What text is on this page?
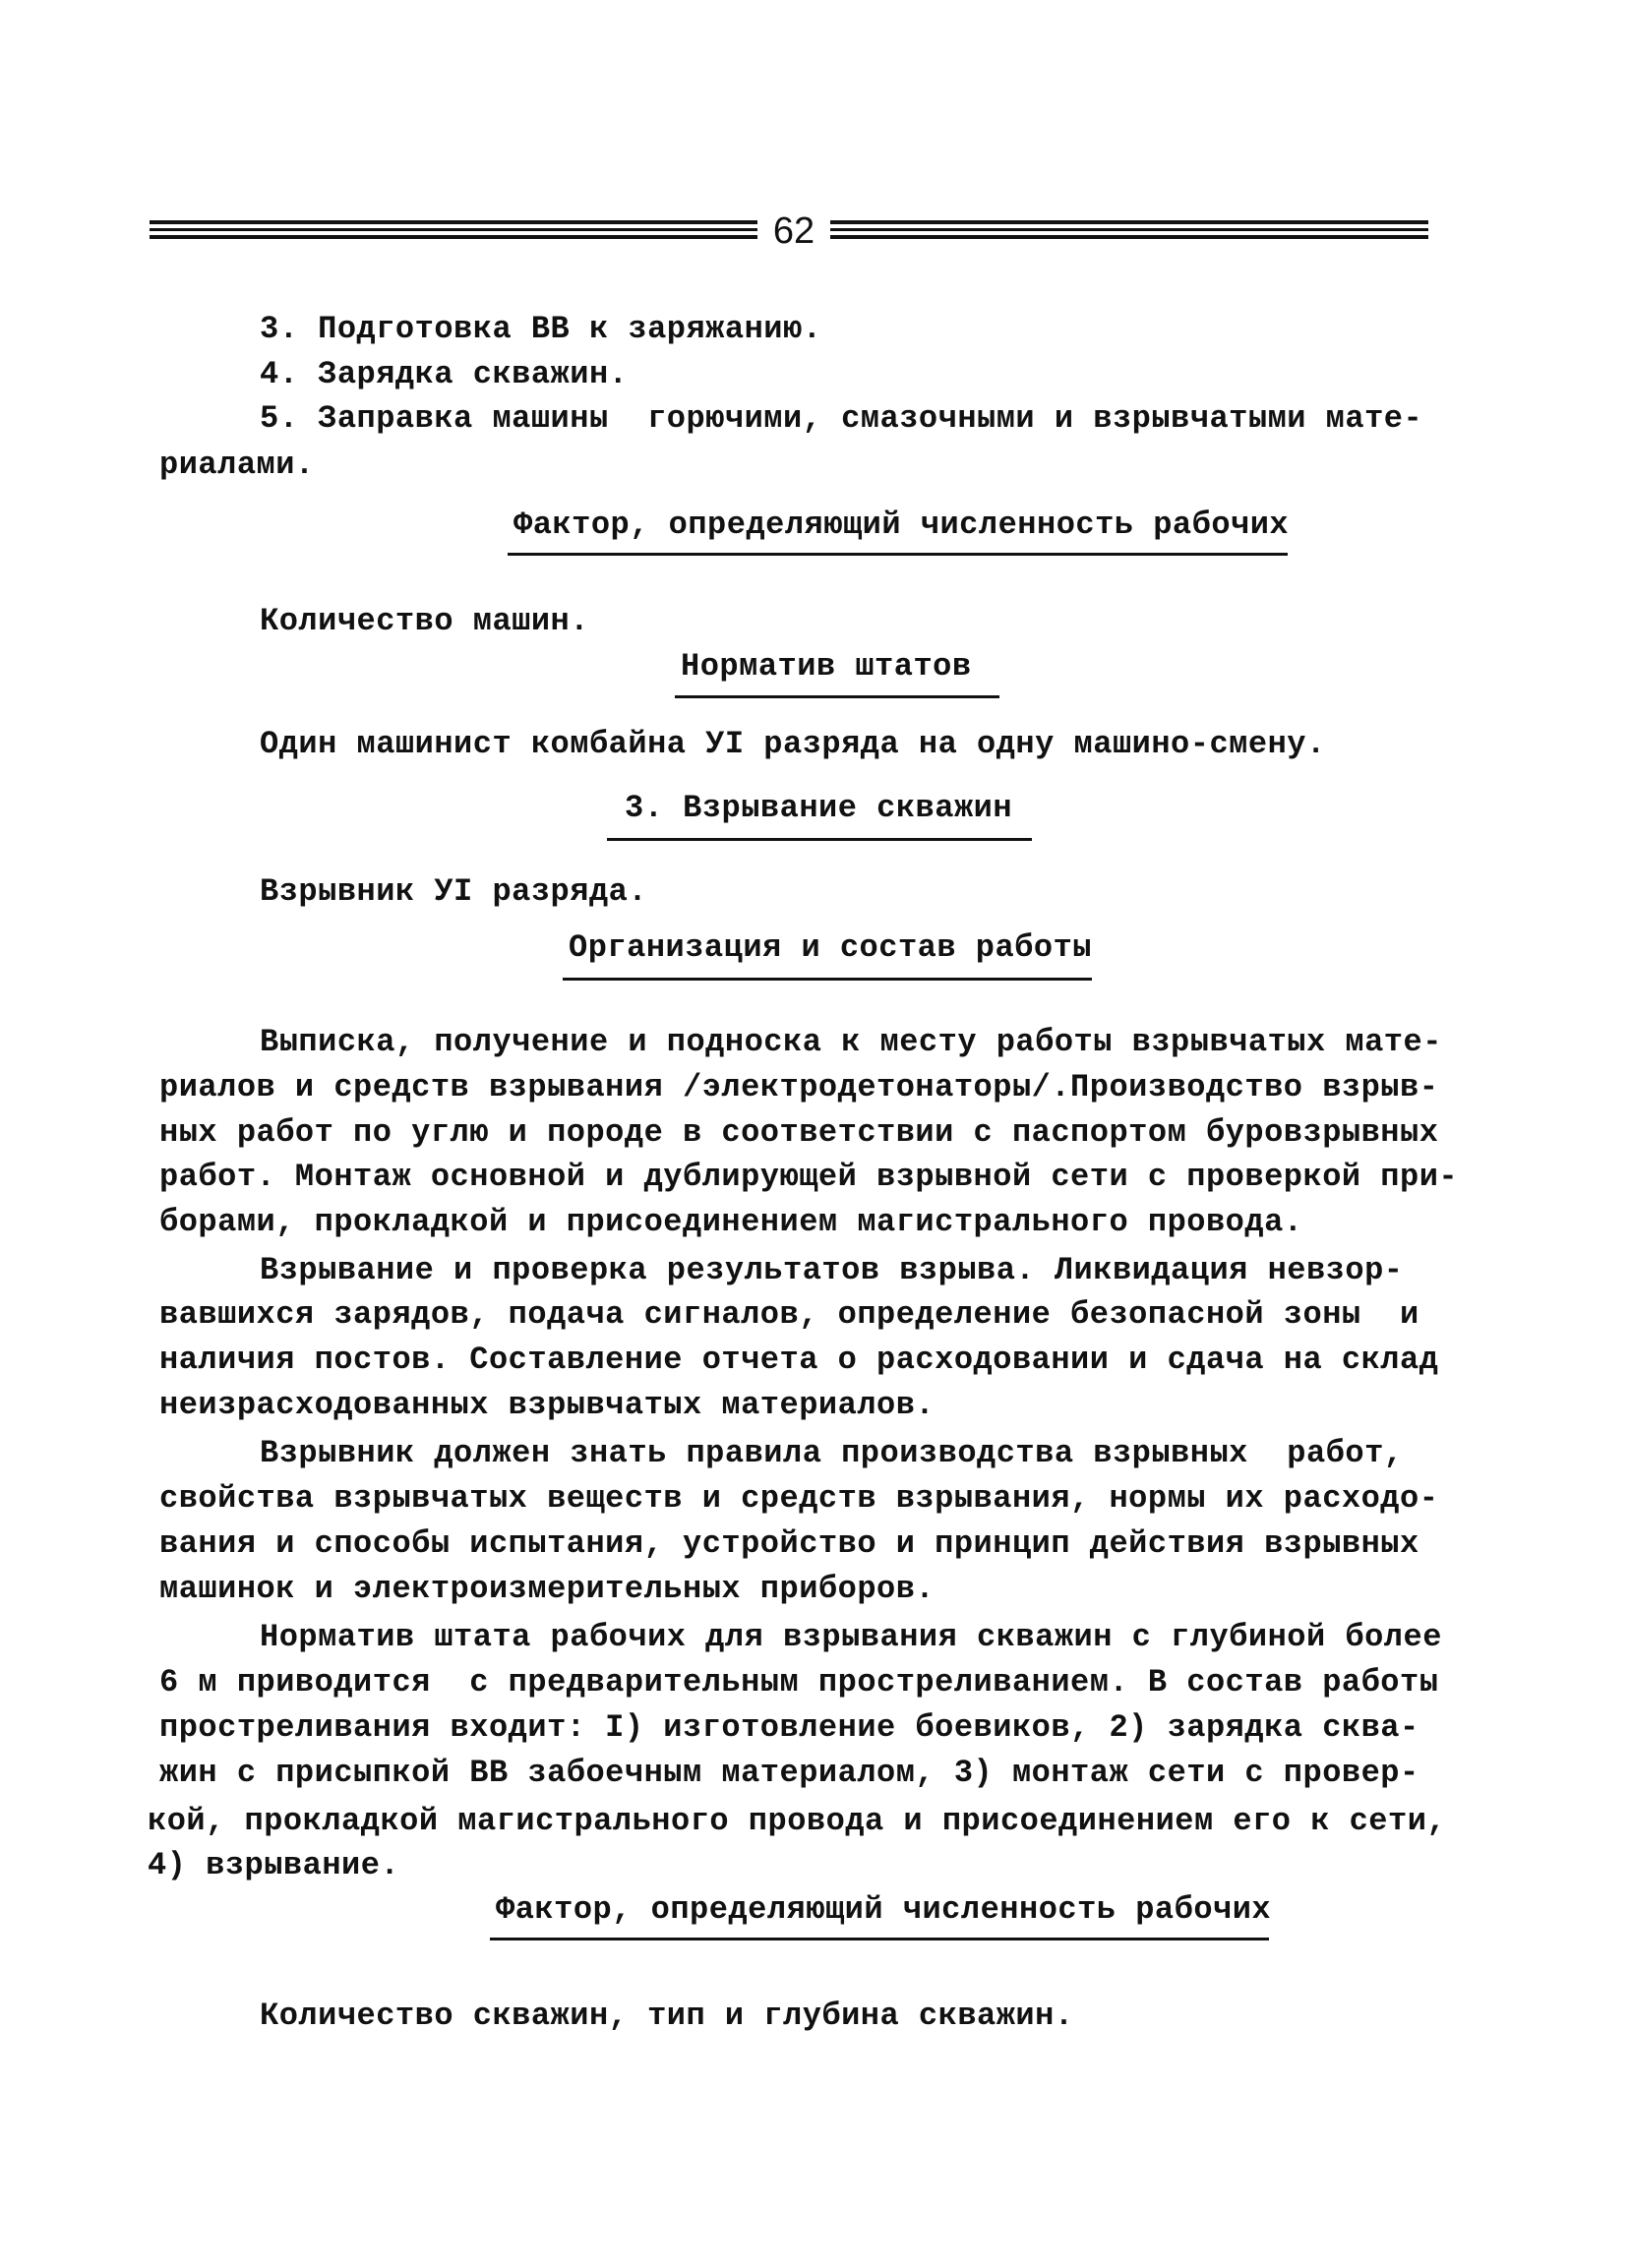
62
3. Подготовка ВВ к заряжанию.
4. Зарядка скважин.
5. Заправка машины  горючими, смазочными и взрывчатыми мате-
риалами.
Фактор, определяющий численность рабочих
Количество машин.
Норматив штатов
Один машинист комбайна УI разряда на одну машино-смену.
3. Взрывание скважин
Взрывник УI разряда.
Организация и состав работы
Выписка, получение и подноска к месту работы взрывчатых мате-
риалов и средств взрывания /электродетонаторы/.Производство взрыв-
ных работ по углю и породе в соответствии с паспортом буровзрывных
работ. Монтаж основной и дублирующей взрывной сети с проверкой при-
борами, прокладкой и присоединением магистрального провода.
Взрывание и проверка результатов взрыва. Ликвидация невзор-
вавшихся зарядов, подача сигналов, определение безопасной зоны  и
наличия постов. Составление отчета о расходовании и сдача на склад
неизрасходованных взрывчатых материалов.
Взрывник должен знать правила производства взрывных  работ,
свойства взрывчатых веществ и средств взрывания, нормы их расходо-
вания и способы испытания, устройство и принцип действия взрывных
машинок и электроизмерительных приборов.
Норматив штата рабочих для взрывания скважин с глубиной более
6 м приводится  с предварительным простреливанием. В состав работы
простреливания входит: I) изготовление боевиков, 2) зарядка сква-
жин с присыпкой ВВ забоечным материалом, 3) монтаж сети с провер-
кой, прокладкой магистрального провода и присоединением его к сети,
4) взрывание.
Фактор, определяющий численность рабочих
Количество скважин, тип и глубина скважин.
